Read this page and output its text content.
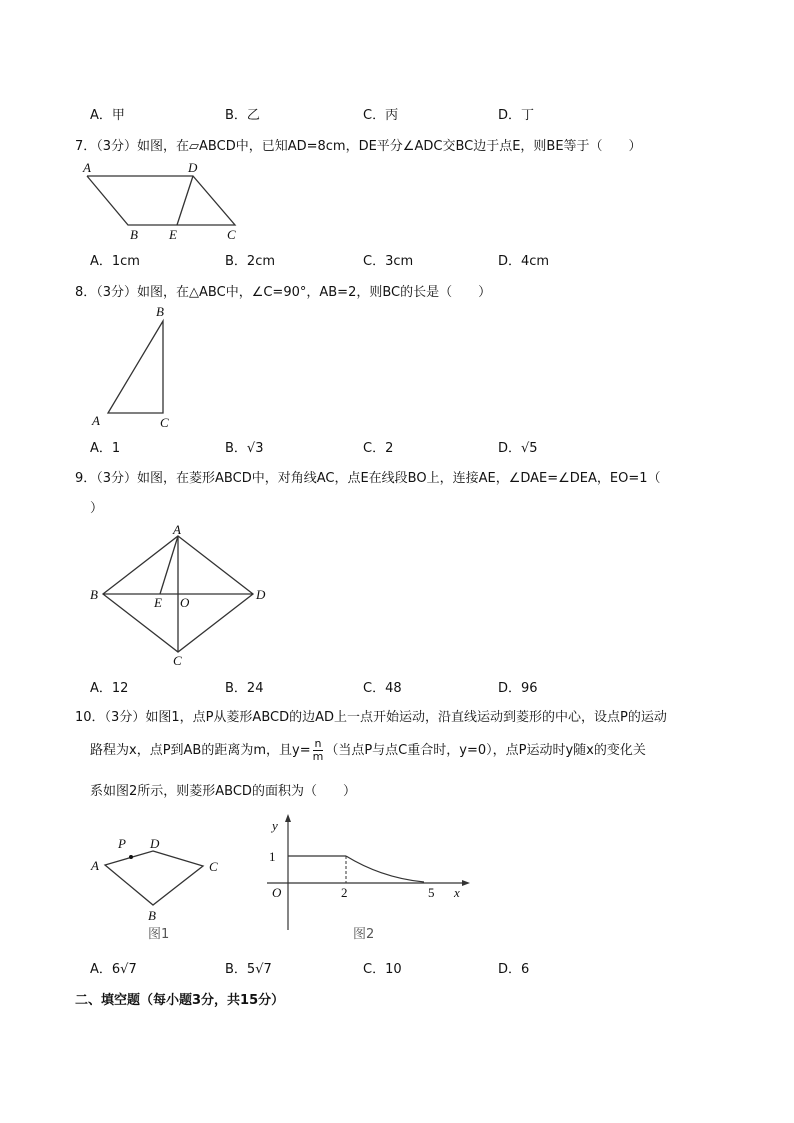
A．甲	B．乙	C．丙	D．丁
7．（3分）如图，在▱ABCD中，已知AD=8cm，DE平分∠ADC交BC边于点E，则BE等于（　　）
A	D
B E	C
A．1cm	B．2cm	C．3cm	D．4cm
8．（3分）如图，在△ABC中，∠C=90°，AB=2，则BC的长是（　　）
B
A	C
A．1	B．√3	C．2	D．√5
9．（3分）如图，在菱形ABCD中，对角线AC，点E在线段BO上，连接AE，∠DAE=∠DEA，EO=1（
）
A
B
E O
D
C
A．12	B．24	C．48	D．96
10．（3分）如图1，点P从菱形ABCD的边AD上一点开始运动，沿直线运动到菱形的中心，设点P的运动
路程为x，点P到AB的距离为m，且$y= \frac{n}{m}$ （当点P与点C重合时，y=0），点P运动时y随x的变化关
系如图2所示，则菱形ABCD的面积为（　　）
D
P
A	C
B
图1
y
1
O	2	5 x
图2
A．6√7	B．5√7	C．10	D．6
二、填空题（每小题3分，共15分）
